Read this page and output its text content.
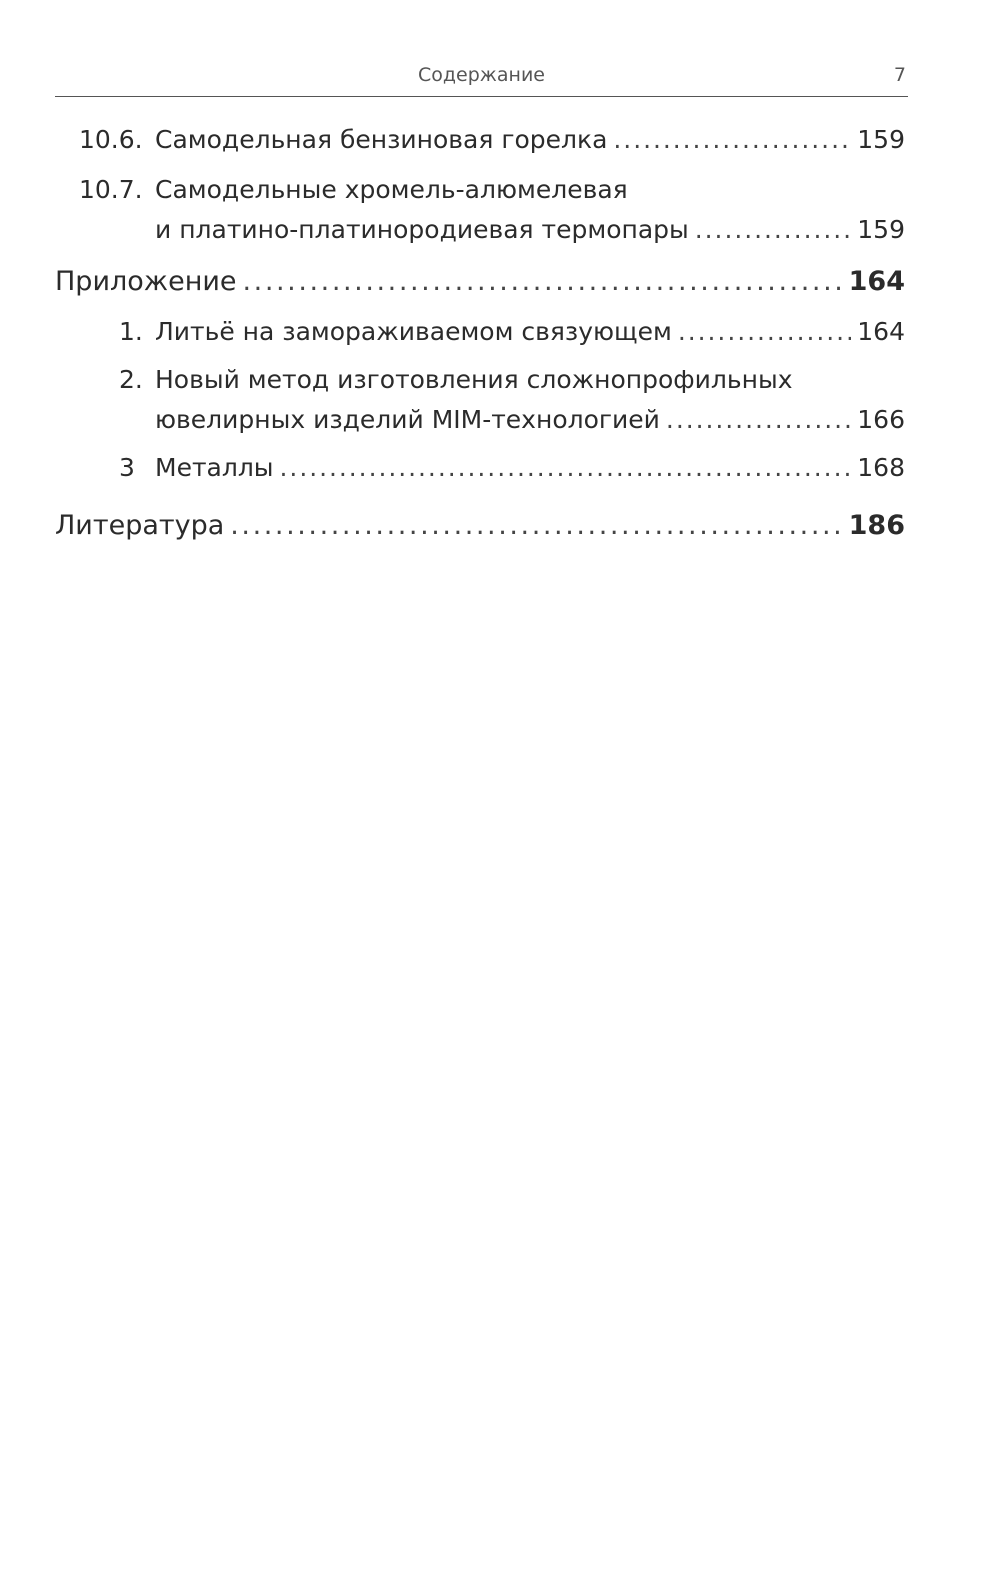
Содержание	7
10.6. Самодельная бензиновая горелка . . .	159
10.7. Самодельные хромель-алюмелевая
и платино-платинородиевая термопары . . .	159
Приложение . . .	164
1. Литьё на замораживаемом связующем . . .	164
2. Новый метод изготовления сложнопрофильных
ювелирных изделий MIM-технологией . . .	166
3 Металлы . . .	168
Литература . . .	186
